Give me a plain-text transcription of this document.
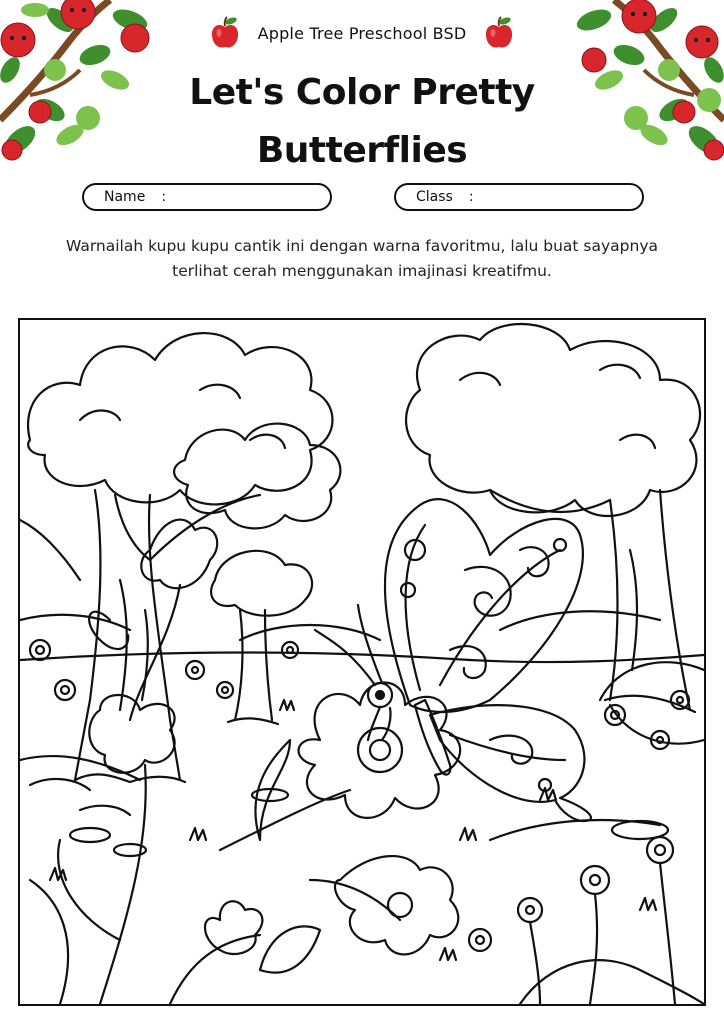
Apple Tree Preschool BSD
Let's Color Pretty Butterflies
Name :	Class :
Warnailah kupu kupu cantik ini dengan warna favoritmu, lalu buat sayapnya terlihat cerah menggunakan imajinasi kreatifmu.
